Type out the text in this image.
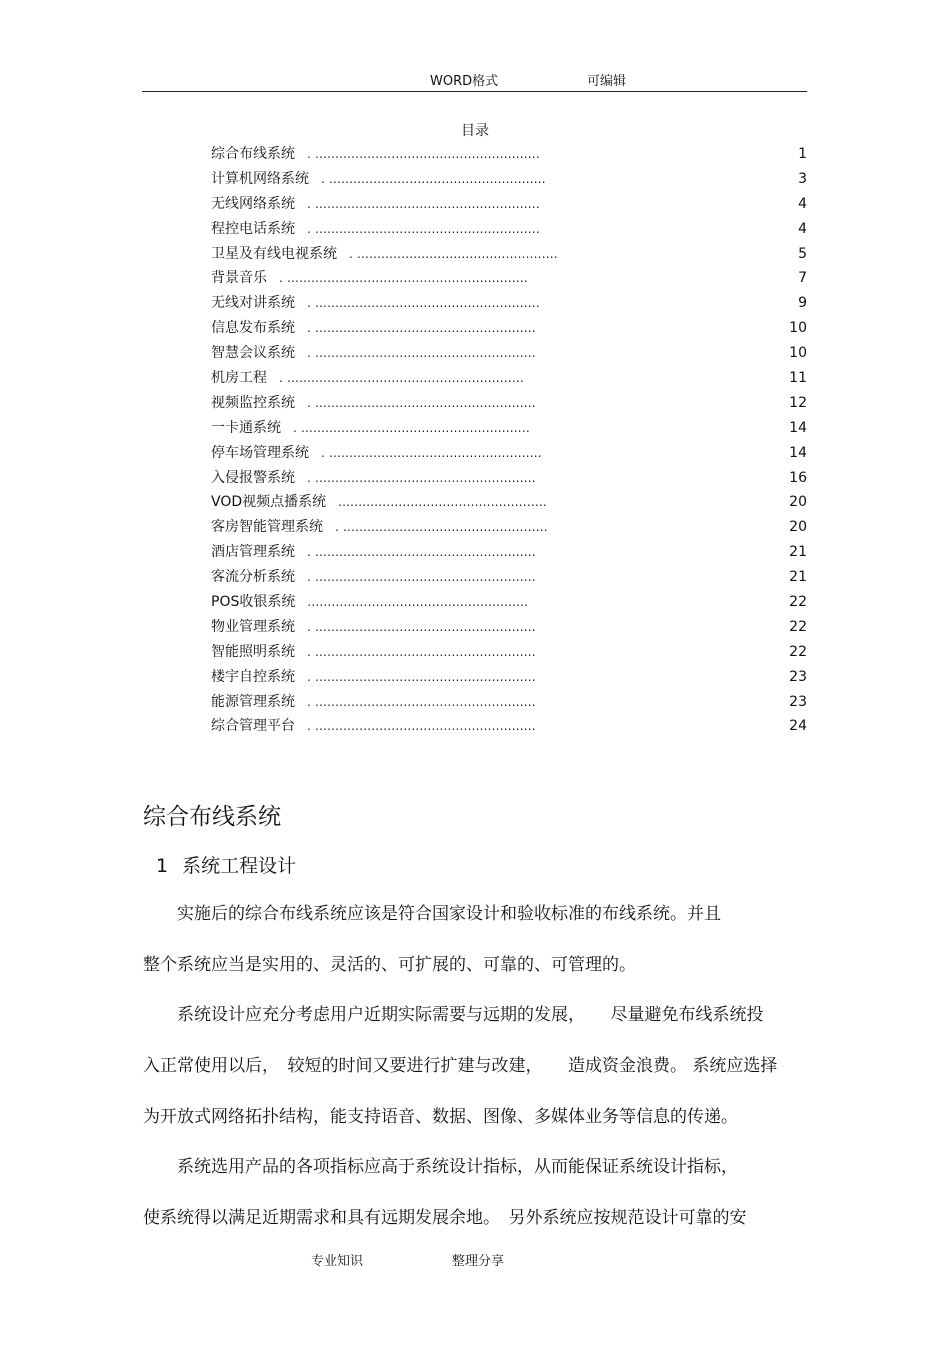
WORD格式	可编辑
目录
综合布线系统 . ........................................................	1
计算机网络系统 . ......................................................	3
无线网络系统 . ........................................................	4
程控电话系统 . ........................................................	4
卫星及有线电视系统 . ..................................................	5
背景音乐 . ............................................................	7
无线对讲系统 . ........................................................	9
信息发布系统 . .......................................................	10
智慧会议系统 . .......................................................	10
机房工程 . ...........................................................	11
视频监控系统 . .......................................................	12
一卡通系统 . .........................................................	14
停车场管理系统 . .....................................................	14
入侵报警系统 . .......................................................	16
VOD视频点播系统 ....................................................	20
客房智能管理系统 . ...................................................	20
酒店管理系统 . .......................................................	21
客流分析系统 . .......................................................	21
POS收银系统 .......................................................	22
物业管理系统 . .......................................................	22
智能照明系统 . .......................................................	22
楼宇自控系统 . .......................................................	23
能源管理系统 . .......................................................	23
综合管理平台 . .......................................................	24
综合布线系统
1 系统工程设计

　　实施后的综合布线系统应该是符合国家设计和验收标准的布线系统。并且
整个系统应当是实用的、灵活的、可扩展的、可靠的、可管理的。

　　系统设计应充分考虑用户近期实际需要与远期的发展，　　尽量避免布线系统投
入正常使用以后，　较短的时间又要进行扩建与改建，　　造成资金浪费。 系统应选择
为开放式网络拓扑结构，能支持语音、数据、图像、多媒体业务等信息的传递。

　　系统选用产品的各项指标应高于系统设计指标，从而能保证系统设计指标，
使系统得以满足近期需求和具有远期发展余地。　另外系统应按规范设计可靠的安

专业知识	整理分享
